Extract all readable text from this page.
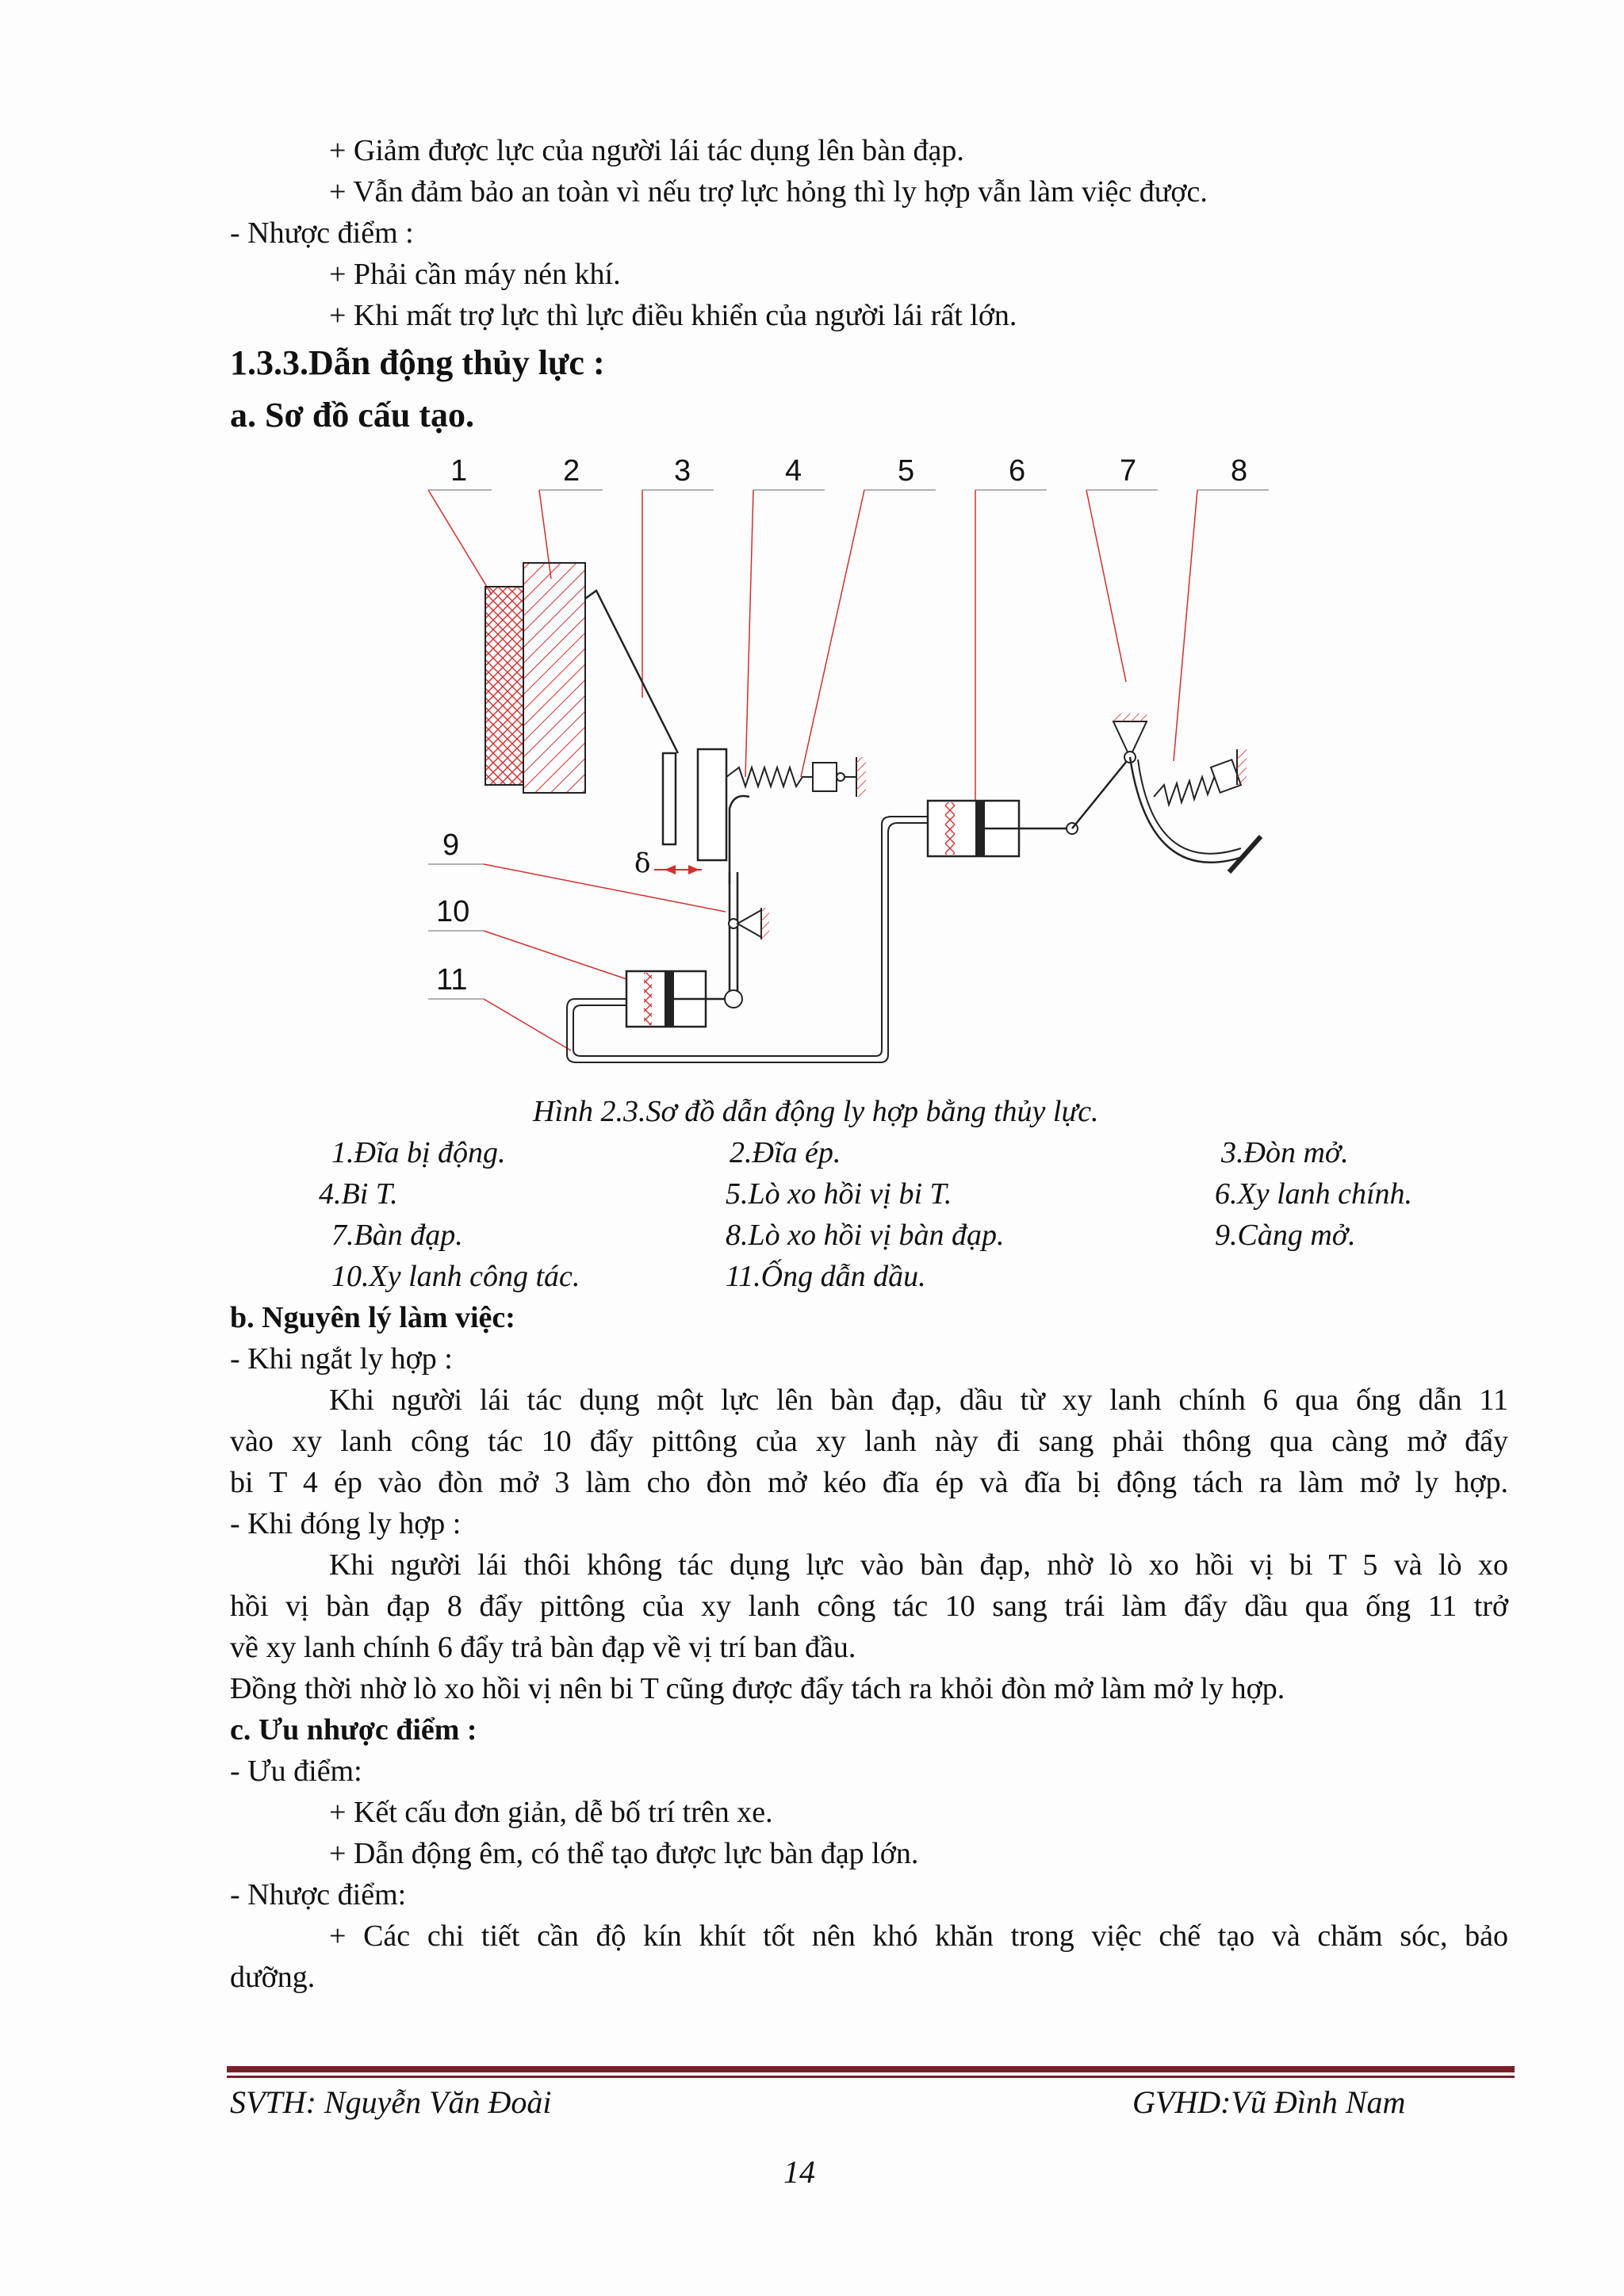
+ Giảm được lực của người lái tác dụng lên bàn đạp.
+ Vẫn đảm bảo an toàn vì nếu trợ lực hỏng thì ly hợp vẫn làm việc được.
- Nhược điểm :
+ Phải cần máy nén khí.
+ Khi mất trợ lực thì lực điều khiển của người lái rất lớn.
1.3.3.Dẫn động thủy lực :
a. Sơ đồ cấu tạo.
1	2	3	4	5	6	7	8
δ
9
10
11
Hình 2.3.Sơ đồ dẫn động ly hợp bằng thủy lực.
1.Đĩa bị động.	2.Đĩa ép.	3.Đòn mở.
4.Bi T.	5.Lò xo hồi vị bi T.	6.Xy lanh chính.
7.Bàn đạp.	8.Lò xo hồi vị bàn đạp.	9.Càng mở.
10.Xy lanh công tác.	11.Ống dẫn dầu.
b. Nguyên lý làm việc:
- Khi ngắt ly hợp :
Khi người lái tác dụng một lực lên bàn đạp, dầu từ xy lanh chính 6 qua ống dẫn 11
vào xy lanh công tác 10 đẩy pittông của xy lanh này đi sang phải thông qua càng mở đẩy
bi T 4 ép vào đòn mở 3 làm cho đòn mở kéo đĩa ép và đĩa bị động tách ra làm mở ly hợp.
- Khi đóng ly hợp :
Khi người lái thôi không tác dụng lực vào bàn đạp, nhờ lò xo hồi vị bi T 5 và lò xo
hồi vị bàn đạp 8 đẩy pittông của xy lanh công tác 10 sang trái làm đẩy dầu qua ống 11 trở
về xy lanh chính 6 đẩy trả bàn đạp về vị trí ban đầu.
Đồng thời nhờ lò xo hồi vị nên bi T cũng được đẩy tách ra khỏi đòn mở làm mở ly hợp.
c. Ưu nhược điểm :
- Ưu điểm:
+ Kết cấu đơn giản, dễ bố trí trên xe.
+ Dẫn động êm, có thể tạo được lực bàn đạp lớn.
- Nhược điểm:
+ Các chi tiết cần độ kín khít tốt nên khó khăn trong việc chế tạo và chăm sóc, bảo
dưỡng.
SVTH: Nguyễn Văn Đoài	GVHD:Vũ Đình Nam
14
